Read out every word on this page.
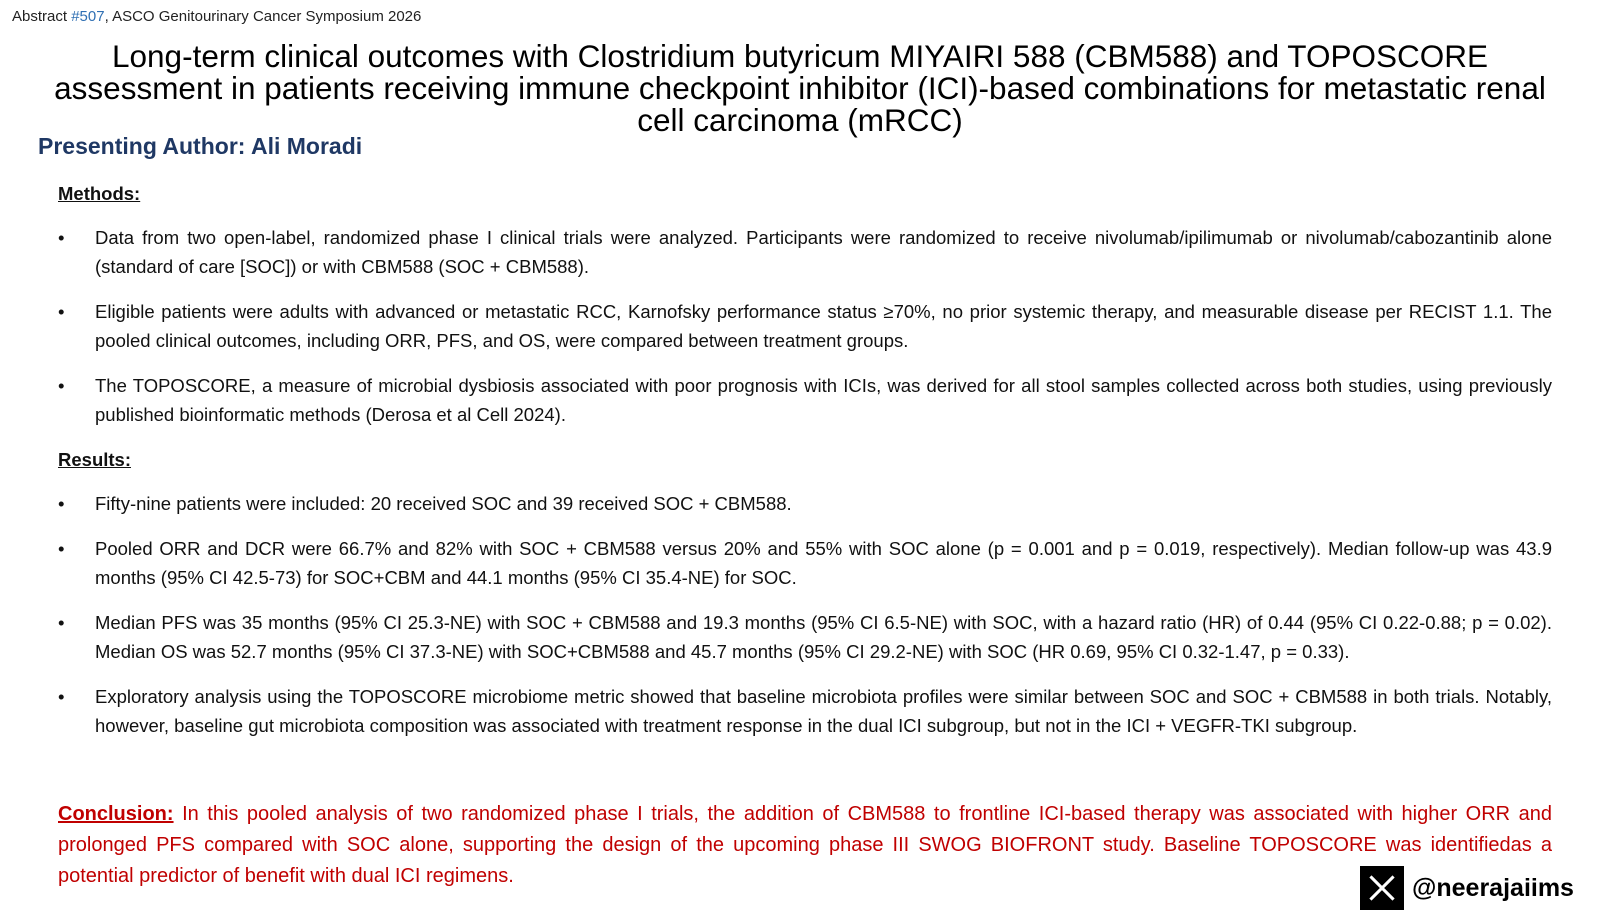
Abstract #507, ASCO Genitourinary Cancer Symposium 2026
Long-term clinical outcomes with Clostridium butyricum MIYAIRI 588 (CBM588) and TOPOSCORE assessment in patients receiving immune checkpoint inhibitor (ICI)-based combinations for metastatic renal cell carcinoma (mRCC)
Presenting Author: Ali Moradi
Methods:
• Data from two open-label, randomized phase I clinical trials were analyzed. Participants were randomized to receive nivolumab/ipilimumab or nivolumab/cabozantinib alone (standard of care [SOC]) or with CBM588 (SOC + CBM588).
• Eligible patients were adults with advanced or metastatic RCC, Karnofsky performance status ≥70%, no prior systemic therapy, and measurable disease per RECIST 1.1. The pooled clinical outcomes, including ORR, PFS, and OS, were compared between treatment groups.
• The TOPOSCORE, a measure of microbial dysbiosis associated with poor prognosis with ICIs, was derived for all stool samples collected across both studies, using previously published bioinformatic methods (Derosa et al Cell 2024).
Results:
• Fifty-nine patients were included: 20 received SOC and 39 received SOC + CBM588.
• Pooled ORR and DCR were 66.7% and 82% with SOC + CBM588 versus 20% and 55% with SOC alone (p = 0.001 and p = 0.019, respectively). Median follow-up was 43.9 months (95% CI 42.5-73) for SOC+CBM and 44.1 months (95% CI 35.4-NE) for SOC.
• Median PFS was 35 months (95% CI 25.3-NE) with SOC + CBM588 and 19.3 months (95% CI 6.5-NE) with SOC, with a hazard ratio (HR) of 0.44 (95% CI 0.22-0.88; p = 0.02). Median OS was 52.7 months (95% CI 37.3-NE) with SOC+CBM588 and 45.7 months (95% CI 29.2-NE) with SOC (HR 0.69, 95% CI 0.32-1.47, p = 0.33).
• Exploratory analysis using the TOPOSCORE microbiome metric showed that baseline microbiota profiles were similar between SOC and SOC + CBM588 in both trials. Notably, however, baseline gut microbiota composition was associated with treatment response in the dual ICI subgroup, but not in the ICI + VEGFR-TKI subgroup.
Conclusion: In this pooled analysis of two randomized phase I trials, the addition of CBM588 to frontline ICI-based therapy was associated with higher ORR and prolonged PFS compared with SOC alone, supporting the design of the upcoming phase III SWOG BIOFRONT study. Baseline TOPOSCORE was identifiedas a potential predictor of benefit with dual ICI regimens.	@neerajaiims
